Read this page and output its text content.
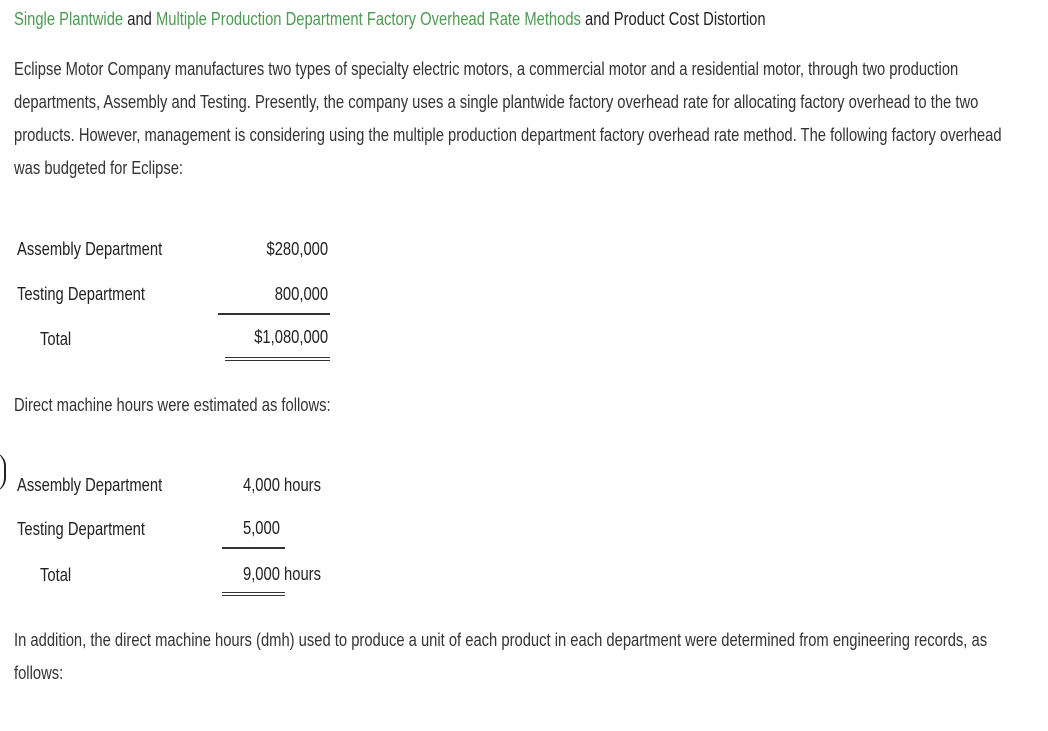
Single Plantwide and Multiple Production Department Factory Overhead Rate Methods and Product Cost Distortion
Eclipse Motor Company manufactures two types of specialty electric motors, a commercial motor and a residential motor, through two production
departments, Assembly and Testing. Presently, the company uses a single plantwide factory overhead rate for allocating factory overhead to the two
products. However, management is considering using the multiple production department factory overhead rate method. The following factory overhead
was budgeted for Eclipse:
Assembly Department	$280,000
Testing Department	800,000
Total	$1,080,000
Direct machine hours were estimated as follows:
Assembly Department	4,000 hours
Testing Department	5,000
Total	9,000 hours
In addition, the direct machine hours (dmh) used to produce a unit of each product in each department were determined from engineering records, as
follows:
